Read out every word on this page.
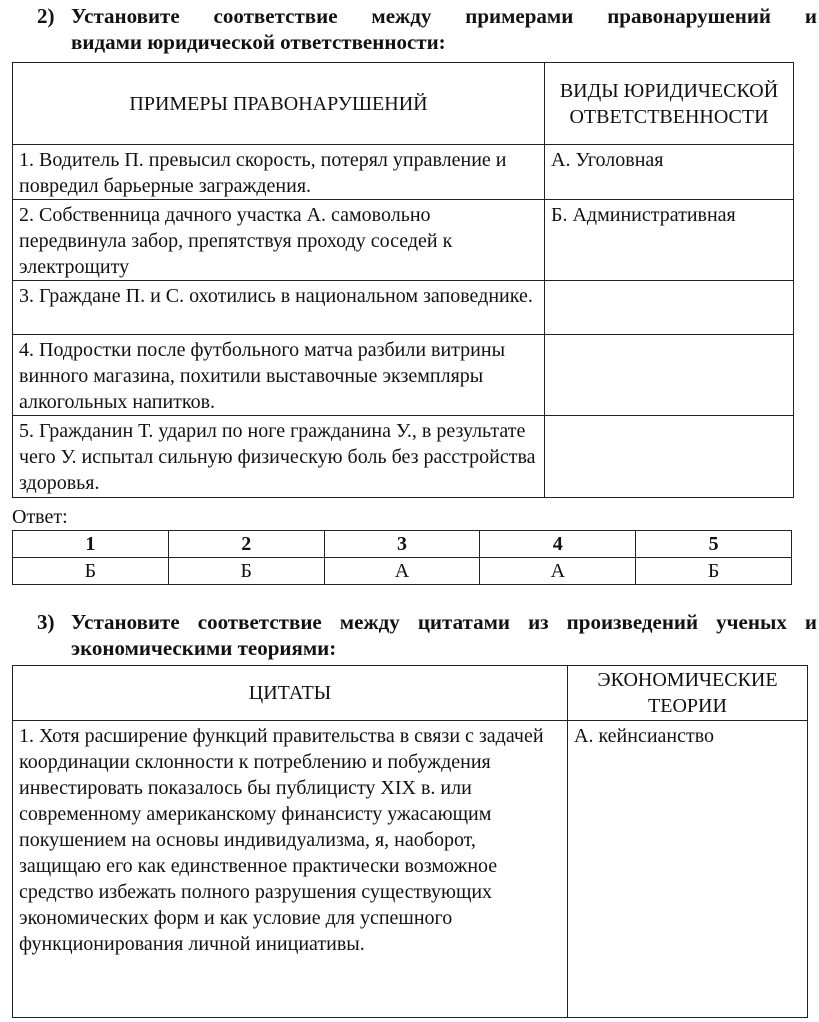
2) Установите соответствие между примерами правонарушений и
видами юридической ответственности:
ПРИМЕРЫ ПРАВОНАРУШЕНИЙ	ВИДЫ ЮРИДИЧЕСКОЙ ОТВЕТСТВЕННОСТИ
1. Водитель П. превысил скорость, потерял управление и повредил барьерные заграждения.	А. Уголовная
2. Собственница дачного участка А. самовольно передвинула забор, препятствуя проходу соседей к электрощиту	Б. Административная
3. Граждане П. и С. охотились в национальном заповеднике.	
4. Подростки после футбольного матча разбили витрины винного магазина, похитили выставочные экземпляры алкогольных напитков.	
5. Гражданин Т. ударил по ноге гражданина У., в результате чего У. испытал сильную физическую боль без расстройства здоровья.	
Ответ:
1	2	3	4	5
Б	Б	А	А	Б
3) Установите соответствие между цитатами из произведений ученых и
экономическими теориями:
ЦИТАТЫ	ЭКОНОМИЧЕСКИЕ ТЕОРИИ
1. Хотя расширение функций правительства в связи с задачей координации склонности к потреблению и побуждения инвестировать показалось бы публицисту XIX в. или современному американскому финансисту ужасающим покушением на основы индивидуализма, я, наоборот, защищаю его как единственное практически возможное средство избежать полного разрушения существующих экономических форм и как условие для успешного функционирования личной инициативы.	А. кейнсианство
